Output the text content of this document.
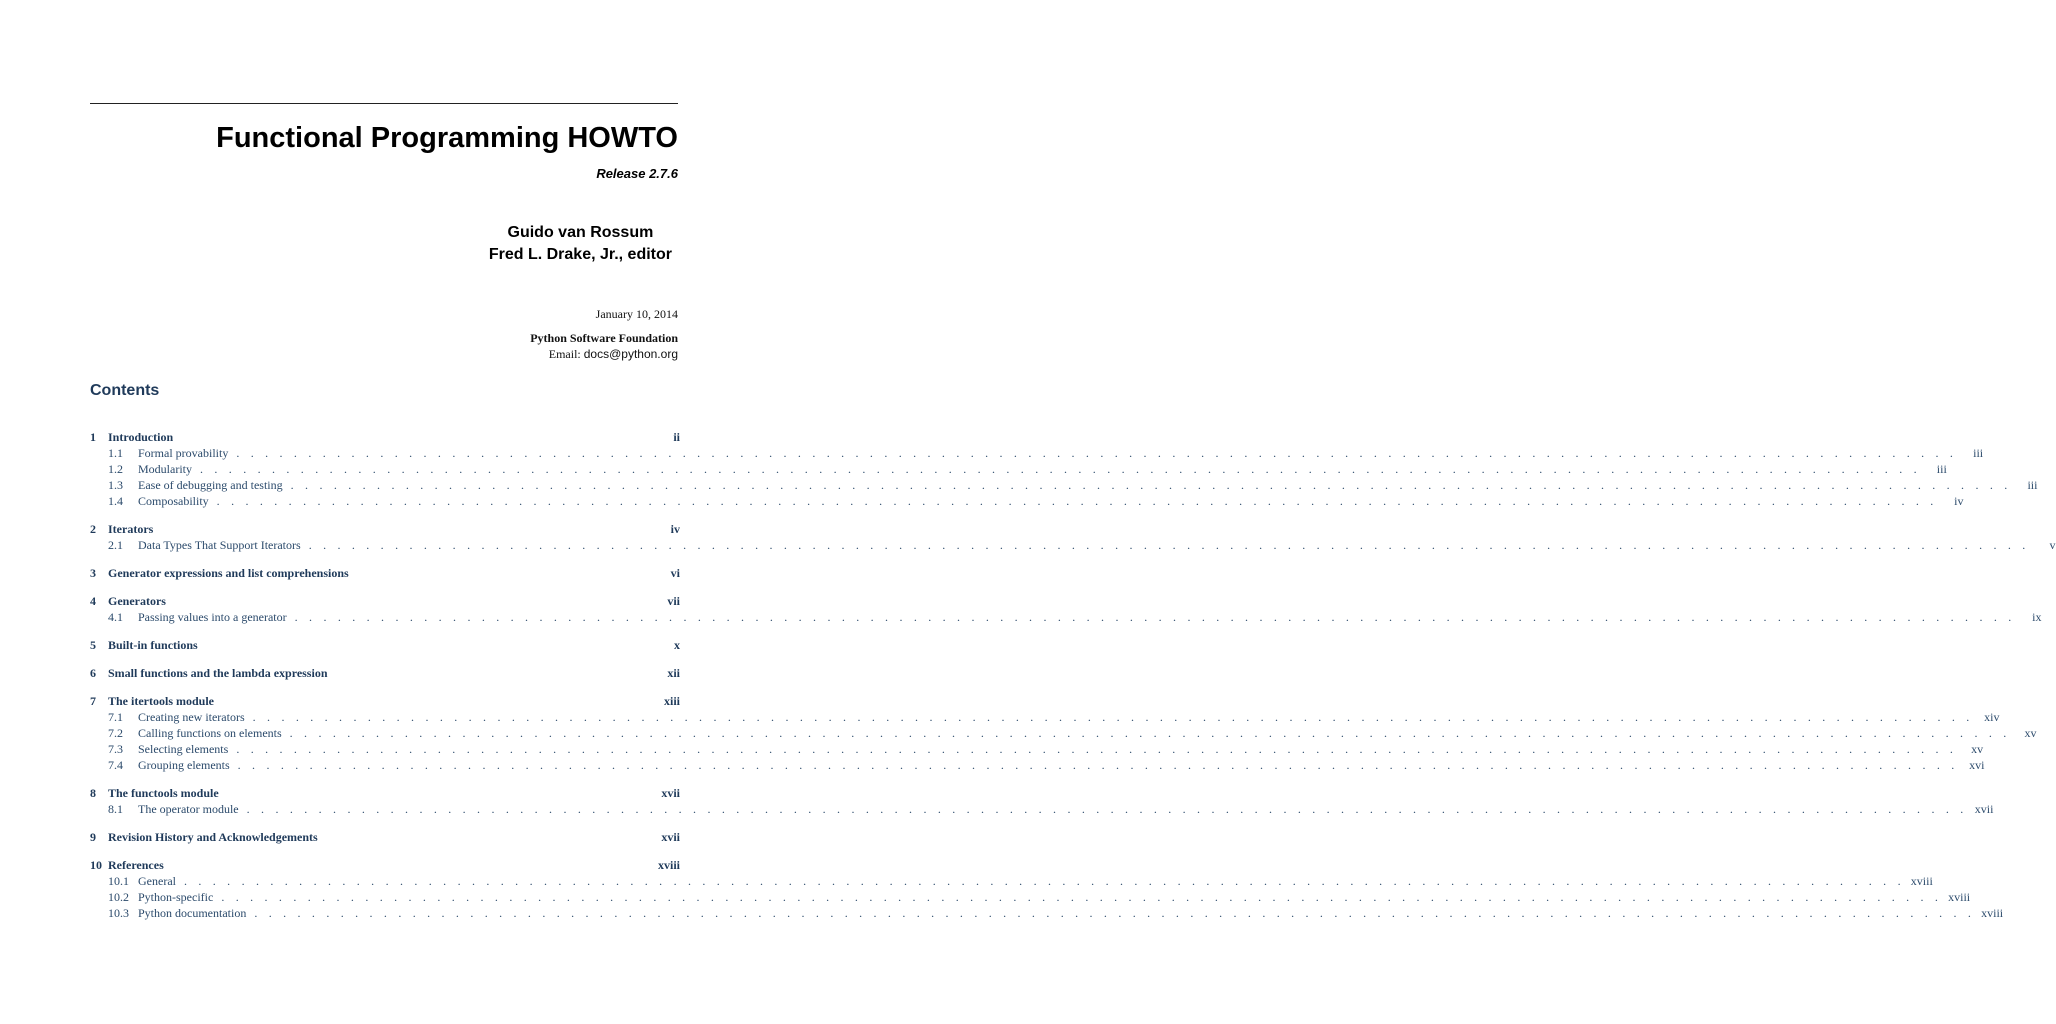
Functional Programming HOWTO
Release 2.7.6
Guido van Rossum
Fred L. Drake, Jr., editor
January 10, 2014
Python Software Foundation
Email: docs@python.org
Contents
1	Introduction	ii
1.1	Formal provability . . . . . . . . . . . . . . . . . . . . . . . . . . . . . . . . . . . . . . . . . . . . . . . . . . . . . . . . . . . . . . . . . . . . . . . . . . . . . . . . . . . . . . . . . . . . . . . . . . . . . . . . . . . . . . . . . . . . . . . .	iii
1.2	Modularity . . . . . . . . . . . . . . . . . . . . . . . . . . . . . . . . . . . . . . . . . . . . . . . . . . . . . . . . . . . . . . . . . . . . . . . . . . . . . . . . . . . . . . . . . . . . . . . . . . . . . . . . . . . . . . . . . . . . . . . .	iii
1.3	Ease of debugging and testing . . . . . . . . . . . . . . . . . . . . . . . . . . . . . . . . . . . . . . . . . . . . . . . . . . . . . . . . . . . . . . . . . . . . . . . . . . . . . . . . . . . . . . . . . . . . . . . . . . . . . . . . . . . . . . . . . . . . . . . .	iii
1.4	Composability . . . . . . . . . . . . . . . . . . . . . . . . . . . . . . . . . . . . . . . . . . . . . . . . . . . . . . . . . . . . . . . . . . . . . . . . . . . . . . . . . . . . . . . . . . . . . . . . . . . . . . . . . . . . . . . . . . . . . . . .	iv
2	Iterators	iv
2.1	Data Types That Support Iterators . . . . . . . . . . . . . . . . . . . . . . . . . . . . . . . . . . . . . . . . . . . . . . . . . . . . . . . . . . . . . . . . . . . . . . . . . . . . . . . . . . . . . . . . . . . . . . . . . . . . . . . . . . . . . . . . . . . . . . . .	v
3	Generator expressions and list comprehensions	vi
4	Generators	vii
4.1	Passing values into a generator . . . . . . . . . . . . . . . . . . . . . . . . . . . . . . . . . . . . . . . . . . . . . . . . . . . . . . . . . . . . . . . . . . . . . . . . . . . . . . . . . . . . . . . . . . . . . . . . . . . . . . . . . . . . . . . . . . . . . . . .	ix
5	Built-in functions	x
6	Small functions and the lambda expression	xii
7	The itertools module	xiii
7.1	Creating new iterators . . . . . . . . . . . . . . . . . . . . . . . . . . . . . . . . . . . . . . . . . . . . . . . . . . . . . . . . . . . . . . . . . . . . . . . . . . . . . . . . . . . . . . . . . . . . . . . . . . . . . . . . . . . . . . . . . . . . . . . . xiv
7.2	Calling functions on elements . . . . . . . . . . . . . . . . . . . . . . . . . . . . . . . . . . . . . . . . . . . . . . . . . . . . . . . . . . . . . . . . . . . . . . . . . . . . . . . . . . . . . . . . . . . . . . . . . . . . . . . . . . . . . . . . . . . . . . . .	xv
7.3	Selecting elements . . . . . . . . . . . . . . . . . . . . . . . . . . . . . . . . . . . . . . . . . . . . . . . . . . . . . . . . . . . . . . . . . . . . . . . . . . . . . . . . . . . . . . . . . . . . . . . . . . . . . . . . . . . . . . . . . . . . . . . .	xv
7.4	Grouping elements . . . . . . . . . . . . . . . . . . . . . . . . . . . . . . . . . . . . . . . . . . . . . . . . . . . . . . . . . . . . . . . . . . . . . . . . . . . . . . . . . . . . . . . . . . . . . . . . . . . . . . . . . . . . . . . . . . . . . . . . xvi
8	The functools module	xvii
8.1	The operator module . . . . . . . . . . . . . . . . . . . . . . . . . . . . . . . . . . . . . . . . . . . . . . . . . . . . . . . . . . . . . . . . . . . . . . . . . . . . . . . . . . . . . . . . . . . . . . . . . . . . . . . . . . . . . . . . . . . . . . . . xvii
9	Revision History and Acknowledgements	xvii
10 References	xviii
10.1 General . . . . . . . . . . . . . . . . . . . . . . . . . . . . . . . . . . . . . . . . . . . . . . . . . . . . . . . . . . . . . . . . . . . . . . . . . . . . . . . . . . . . . . . . . . . . . . . . . . . . . . . . . . . . . . . . . . . . . . . . xviii
10.2 Python-specific . . . . . . . . . . . . . . . . . . . . . . . . . . . . . . . . . . . . . . . . . . . . . . . . . . . . . . . . . . . . . . . . . . . . . . . . . . . . . . . . . . . . . . . . . . . . . . . . . . . . . . . . . . . . . . . . . . . . . . . . xviii
10.3 Python documentation . . . . . . . . . . . . . . . . . . . . . . . . . . . . . . . . . . . . . . . . . . . . . . . . . . . . . . . . . . . . . . . . . . . . . . . . . . . . . . . . . . . . . . . . . . . . . . . . . . . . . . . . . . . . . . . . . . . . . . . . xviii
